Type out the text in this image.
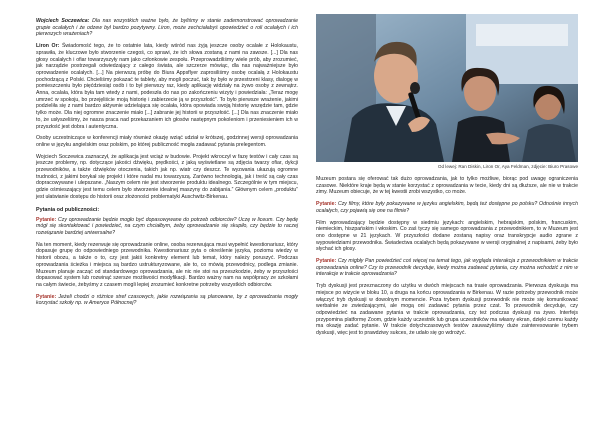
Wojciech Soczewica: Dla nas wszystkich ważne było, że byliśmy w stanie zademonstrować oprowadzanie grupie ocalałych i że odzew był bardzo pozytywny. Liron, może zechciałabyś opowiedzieć o roli ocalałych i ich pierwszych wrażeniach?

Liron Or: Świadomość tego, że to ostatnie lata, kiedy wśród nas żyją jeszcze osoby ocalałe z Holokaustu, sprawiła, że kluczowe było stworzenie czegoś, co sprawi, że ich słowa zostaną z nami na zawsze. [...] Dla nas głosy ocalałych i ofiar towarzyszyły nam jako członkowie zespołu. Przeprowadziliśmy wiele prób, aby zrozumieć, jak narządzie postrzegali odwiedzający z całego świata, ale szczerze mówiąc, dla nas najważniejsze było oprowadzenie ocalałych. [...] Na pierwszą próbę do Biura Appsflyer zaprosiliśmy osobę ocalałą z Holokaustu pochodzącą z Polski. Chcieliśmy pokazać te tablety, aby mogli poczuć, tak by było w przestrzeni klasy, dialogę w pomieszczeniu było pięćdziesiąt osób i to był pierwszy raz, kiedy aplikację widziały na żywo osoby z zewnątrz. Anna, ocalała, która była tam wtedy z nami, podeszła do nas po zakończeniu wizyty i powiedziała: „Teraz mogę umrzeć w spokoju, bo przejęliście moją historię i zabierzecie ją w przyszłość”. To było pierwsze wrażenie, jakimi podzieliła się z nami bardzo aktywnie udzielająca się ocalała, która opowiada swoją historię wszędzie tam, gdzie tylko może. Dla niej ogromne znaczenie miało [...] zabranie jej historii w przyszłość. [...] Dla nas znaczenie miało to, że usłyszeliśmy, że nasza praca nad przekazaniem ich głosów następnym pokoleniom i przeniesieniem ich w przyszłość jest dobra i autentyczna.

Osoby uczestniczące w konferencji miały również okazję wziąć udział w krótszej, godzinnej wersji oprowadzania online w języku angielskim oraz polskim, po której publiczność mogła zadawać pytania prelegentom.

Wojciech Soczewica zaznaczył, że aplikacja jest wciąż w budowie. Projekt wkroczył w fazę testów i cały czas są jeszcze problemy, np. dotyczące jakości dźwięku, prędkości, z jaką wyświetlane są zdjęcia twarzy ofiar, dykcji przewodników, a także dźwięków otoczenia, takich jak np. wiatr czy deszcz. Te wyzwania ukazują ogromne trudności, z jakimi borykał się projekt i które nadal mu towarzyszą. Zarówno technologią, jak i treść są cały czas dopracowywane i ulepszane. „Naszym celem nie jest stworzenie produktu idealnego. Szczególnie w tym miejscu, gdzie ośmieszający jest temu celem było stworzenie idealnej maszyny do zabijania.” Głównym celem „produktu” jest ułatwianie dostępu do historii oraz złożoności problematyki Auschwitz-Birkenau.

Pytania od publiczności:

Pytanie: Czy oprowadzanie będzie mogło być dopasowywane do potrzeb odbiorców? Uczę w liceum. Czy będę mógł się skontaktować i powiedzieć, na czym chciałbym, żeby oprowadzanie się skupiło, czy będzie to raczej rozwiązanie bardziej uniwersalne?

Na ten moment, kiedy rezerwuje się oprowadzanie online, osoba rezerwująca musi wypełnić kwestionariusz, który dopasuje grupę do odpowiedniego przewodnika. Kwestionariusz pyta o określenie języka, poziomu wiedzy w historii obozu, a także o to, czy jest jakiś konkretny element lub temat, który należy poruszyć. Podczas oprowadzania ścieżka i miejsca są bardzo ustrukturyzowane, ale to, co mówią przewodnicy, podlega zmianie. Muzeum planuje zacząć od standardowego oprowadzania, ale nic nie stoi na przeszkodzie, żeby w przyszłości dopasować system lub rozwinąć szersze możliwości modyfikacji. Bardzo ważny nam na współpracy ze szkołami na całym świecie, żebyśmy z czasem mogli lepiej zrozumieć konkretne potrzeby wszystkich odbiorców.

Pytanie: Jeżeli chodzi o różnice stref czasowych, jakie rozwiązania są planowane, by z oprowadzania mogły korzystać szkoły np. w Ameryce Północnej?

Od lewej: Ran Diskin, Liron Or, Aya Feldman, zdjęcie: Biuro Prasowe

Muzeum postara się oferować tak dużo oprowadzania, jak to tylko możliwe, biorąc pod uwagę ograniczenia czasowe. Niektóre kraje będą w stanie korzystać z oprowadzania w tecie, kiedy dni są dłuższe, ale nie w trakcie zimy. Muzeum obiecuje, że w tej kwestii zrobi wszystko, co może.

Pytanie: Czy filmy, które były pokazywane w języku angielskim, będą też dostępne po polsku? Odnośnie innych ocalałych, czy pojawią się one na filmie?

Film wprowadzający będzie dostępny w siedmiu językach: angielskim, hebrajskim, polskim, francuskim, niemieckim, hiszpańskim i włoskim. Co zaś tyczy się samego oprowadzania z przewodnikiem, to w Muzeum jest ono dostępne w 21 językach. W przyszłości dodane zostaną napisy oraz transkrypcje audio zgrane z wypowiedziami przewodnika. Świadectwa ocalałych będą pokazywane w wersji oryginalnej z napisami, żeby było słychać ich głosy.

Pytanie: Czy migbły Pan powiedzieć coś więcej na temat tego, jak wygląda interakcja z przewodnikiem w trakcie oprowadzania online? Czy to przewodnik decyduje, kiedy można zadawać pytania, czy można wchodzić z nim w interakcje w trakcie oprowadzania?

Tryb dyskusji jest przeznaczony do użytku w dwóch miejscach na trasie oprowadzania. Pierwsza dyskusja ma miejsce po wizycie w bloku 10, a druga na końcu oprowadzania w Birkenau. W razie potrzeby przewodnik może włączyć tryb dyskusji w dowolnym momencie. Poza trybem dyskusji przewodnik nie może się komunikować werbalnie ze zwiedzającymi, ale mogą oni zadawać pytania przez czat. To przewodnik decyduje, czy odpowiedzieć na zadawane pytania w trakcie oprowadzania, czy też podczas dyskusji na żywo. Interfejs przypomina platformę Zoom, gdzie każdy uczestnik lub grupa uczestników ma własny ekran, dzięki czemu każdy ma okazję zadać pytanie. W trakcie dotychczasowych testów zauważyliśmy duże zainteresowanie trybem dyskusji, więc jest to prawdziwy sukces, że udało się go wdrożyć.
